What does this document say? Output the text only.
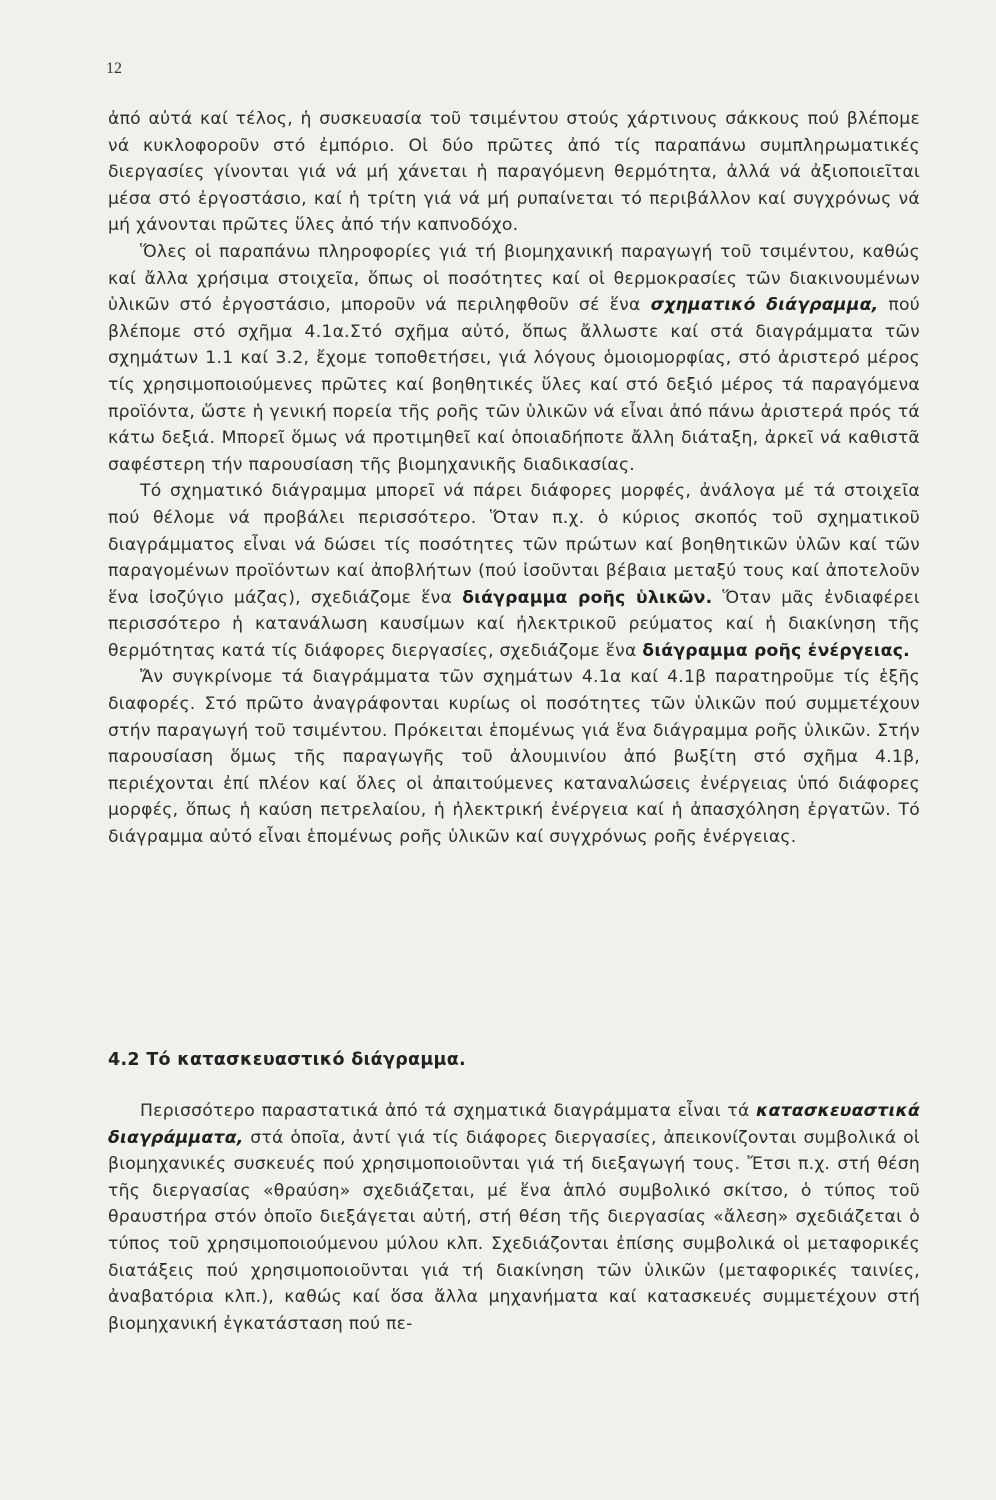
12

ἀπό αὐτά καί τέλος, ἡ συσκευασία τοῦ τσιμέντου στούς χάρτινους σάκκους πού βλέπομε νά κυκλοφοροῦν στό ἐμπόριο. Οἱ δύο πρῶτες ἀπό τίς παραπάνω συμπληρωματικές διεργασίες γίνονται γιά νά μή χάνεται ἡ παραγόμενη θερμότητα, ἀλλά νά ἀξιοποιεῖται μέσα στό ἐργοστάσιο, καί ἡ τρίτη γιά νά μή ρυπαίνεται τό περιβάλλον καί συγχρόνως νά μή χάνονται πρῶτες ὕλες ἀπό τήν καπνοδόχο.

Ὅλες οἱ παραπάνω πληροφορίες γιά τή βιομηχανική παραγωγή τοῦ τσιμέντου, καθώς καί ἄλλα χρήσιμα στοιχεῖα, ὅπως οἱ ποσότητες καί οἱ θερμοκρασίες τῶν διακινουμένων ὑλικῶν στό ἐργοστάσιο, μποροῦν νά περιληφθοῦν σέ ἕνα σχηματικό διάγραμμα, πού βλέπομε στό σχῆμα 4.1α.Στό σχῆμα αὐτό, ὅπως ἄλλωστε καί στά διαγράμματα τῶν σχημάτων 1.1 καί 3.2, ἔχομε τοποθετήσει, γιά λόγους ὁμοιομορφίας, στό ἀριστερό μέρος τίς χρησιμοποιούμενες πρῶτες καί βοηθητικές ὕλες καί στό δεξιό μέρος τά παραγόμενα προϊόντα, ὥστε ἡ γενική πορεία τῆς ροῆς τῶν ὑλικῶν νά εἶναι ἀπό πάνω ἀριστερά πρός τά κάτω δεξιά. Μπορεῖ ὅμως νά προτιμηθεῖ καί ὁποιαδήποτε ἄλλη διάταξη, ἀρκεῖ νά καθιστᾶ σαφέστερη τήν παρουσίαση τῆς βιομηχανικῆς διαδικασίας.

Τό σχηματικό διάγραμμα μπορεῖ νά πάρει διάφορες μορφές, ἀνάλογα μέ τά στοιχεῖα πού θέλομε νά προβάλει περισσότερο. Ὅταν π.χ. ὁ κύριος σκοπός τοῦ σχηματικοῦ διαγράμματος εἶναι νά δώσει τίς ποσότητες τῶν πρώτων καί βοηθητικῶν ὑλῶν καί τῶν παραγομένων προϊόντων καί ἀποβλήτων (πού ἰσοῦνται βέβαια μεταξύ τους καί ἀποτελοῦν ἕνα ἰσοζύγιο μάζας), σχεδιάζομε ἕνα διάγραμμα ροῆς ὑλικῶν. Ὅταν μᾶς ἐνδιαφέρει περισσότερο ἡ κατανάλωση καυσίμων καί ἠλεκτρικοῦ ρεύματος καί ἡ διακίνηση τῆς θερμότητας κατά τίς διάφορες διεργασίες, σχεδιάζομε ἕνα διάγραμμα ροῆς ἐνέργειας.

Ἄν συγκρίνομε τά διαγράμματα τῶν σχημάτων 4.1α καί 4.1β παρατηροῦμε τίς ἑξῆς διαφορές. Στό πρῶτο ἀναγράφονται κυρίως οἱ ποσότητες τῶν ὑλικῶν πού συμμετέχουν στήν παραγωγή τοῦ τσιμέντου. Πρόκειται ἑπομένως γιά ἕνα διάγραμμα ροῆς ὑλικῶν. Στήν παρουσίαση ὅμως τῆς παραγωγῆς τοῦ ἀλουμινίου ἀπό βωξίτη στό σχῆμα 4.1β, περιέχονται ἐπί πλέον καί ὅλες οἱ ἀπαιτούμενες καταναλώσεις ἐνέργειας ὑπό διάφορες μορφές, ὅπως ἡ καύση πετρελαίου, ἡ ἠλεκτρική ἐνέργεια καί ἡ ἀπασχόληση ἐργατῶν. Τό διάγραμμα αὐτό εἶναι ἑπομένως ροῆς ὑλικῶν καί συγχρόνως ροῆς ἐνέργειας.

4.2 Τό κατασκευαστικό διάγραμμα.

Περισσότερο παραστατικά ἀπό τά σχηματικά διαγράμματα εἶναι τά κατασκευαστικά διαγράμματα, στά ὁποῖα, ἀντί γιά τίς διάφορες διεργασίες, ἀπεικονίζονται συμβολικά οἱ βιομηχανικές συσκευές πού χρησιμοποιοῦνται γιά τή διεξαγωγή τους. Ἔτσι π.χ. στή θέση τῆς διεργασίας «θραύση» σχεδιάζεται, μέ ἕνα ἁπλό συμβολικό σκίτσο, ὁ τύπος τοῦ θραυστήρα στόν ὁποῖο διεξάγεται αὐτή, στή θέση τῆς διεργασίας «ἄλεση» σχεδιάζεται ὁ τύπος τοῦ χρησιμοποιούμενου μύλου κλπ. Σχεδιάζονται ἐπίσης συμβολικά οἱ μεταφορικές διατάξεις πού χρησιμοποιοῦνται γιά τή διακίνηση τῶν ὑλικῶν (μεταφορικές ταινίες, ἀναβατόρια κλπ.), καθώς καί ὅσα ἄλλα μηχανήματα καί κατασκευές συμμετέχουν στή βιομηχανική ἐγκατάσταση πού πε-
